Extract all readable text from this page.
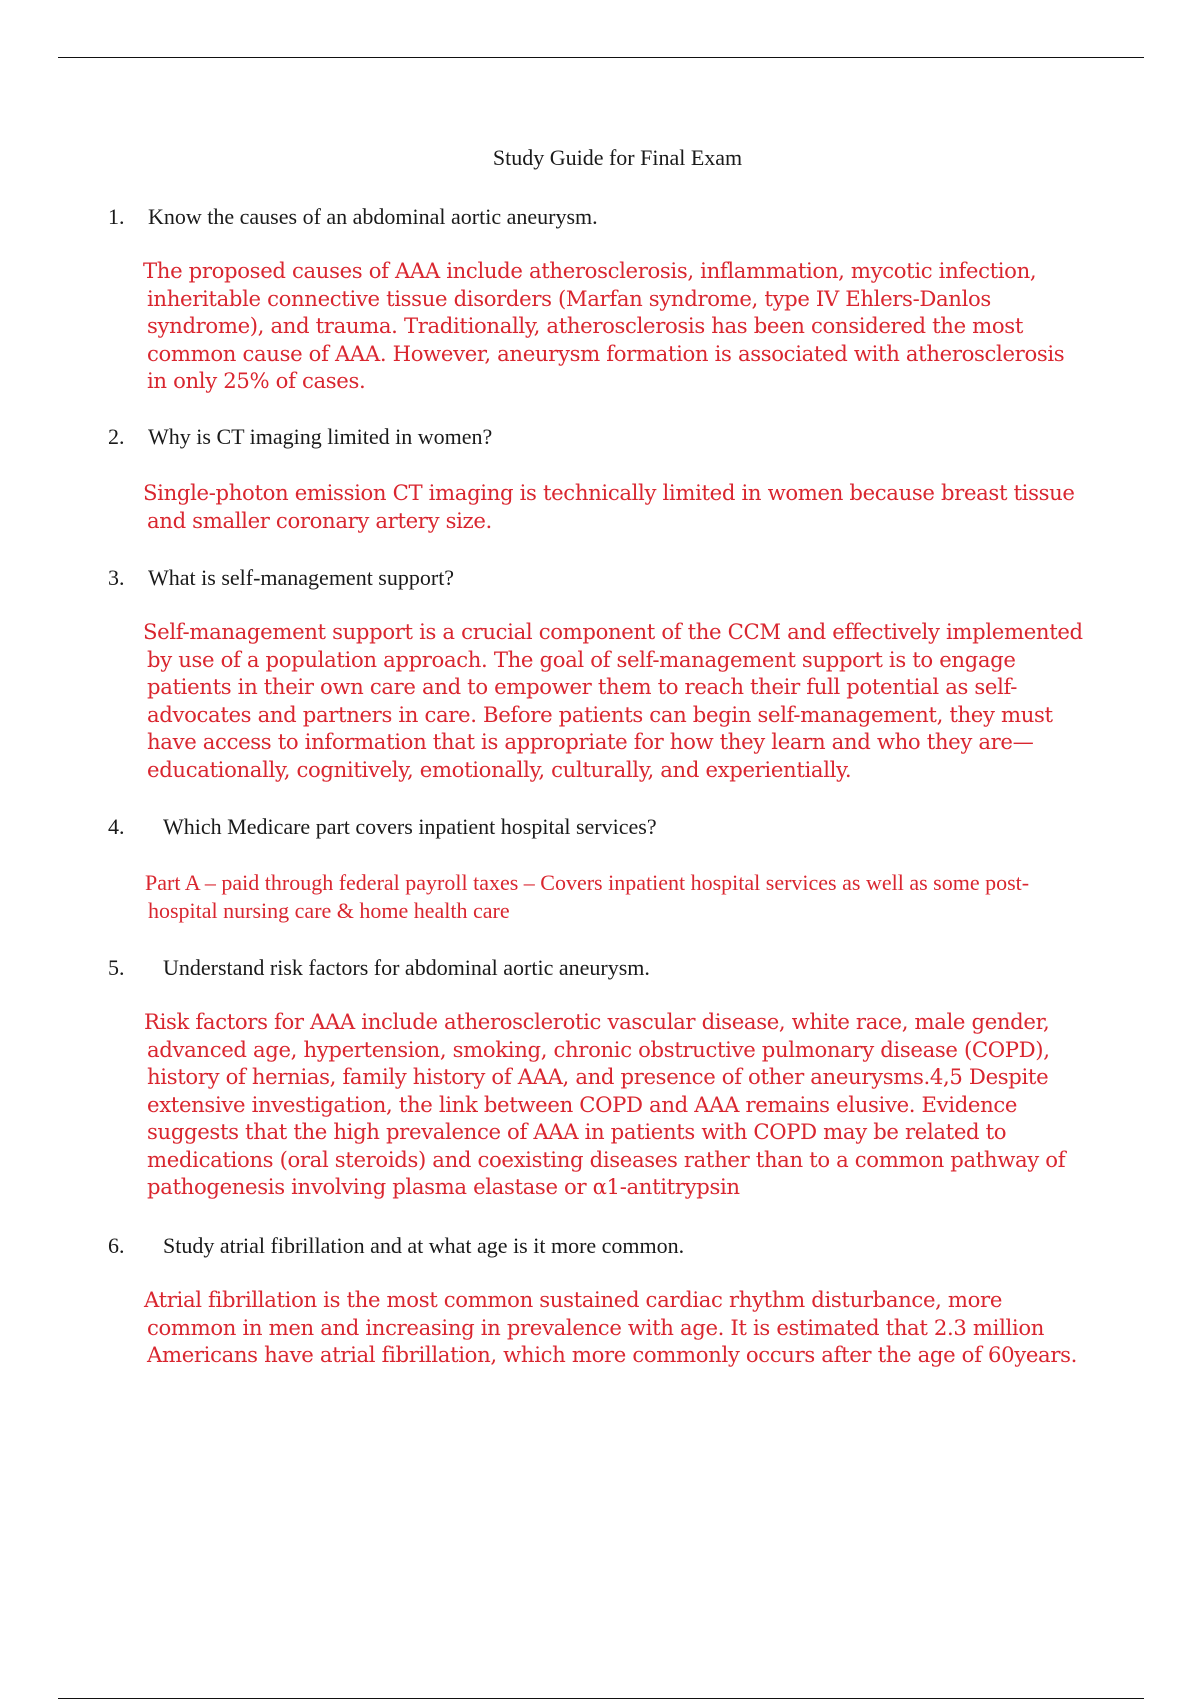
Study Guide for Final Exam
1. Know the causes of an abdominal aortic aneurysm.

The proposed causes of AAA include atherosclerosis, inflammation, mycotic infection, inheritable connective tissue disorders (Marfan syndrome, type IV Ehlers-Danlos syndrome), and trauma. Traditionally, atherosclerosis has been considered the most common cause of AAA. However, aneurysm formation is associated with atherosclerosis in only 25% of cases.

2. Why is CT imaging limited in women?

Single-photon emission CT imaging is technically limited in women because breast tissue and smaller coronary artery size.

3. What is self-management support?

Self-management support is a crucial component of the CCM and effectively implemented by use of a population approach. The goal of self-management support is to engage patients in their own care and to empower them to reach their full potential as self-advocates and partners in care. Before patients can begin self-management, they must have access to information that is appropriate for how they learn and who they are—educationally, cognitively, emotionally, culturally, and experientially.

4. Which Medicare part covers inpatient hospital services?

Part A – paid through federal payroll taxes – Covers inpatient hospital services as well as some post-hospital nursing care & home health care

5. Understand risk factors for abdominal aortic aneurysm.

Risk factors for AAA include atherosclerotic vascular disease, white race, male gender, advanced age, hypertension, smoking, chronic obstructive pulmonary disease (COPD), history of hernias, family history of AAA, and presence of other aneurysms.4,5 Despite extensive investigation, the link between COPD and AAA remains elusive. Evidence suggests that the high prevalence of AAA in patients with COPD may be related to medications (oral steroids) and coexisting diseases rather than to a common pathway of pathogenesis involving plasma elastase or α1-antitrypsin

6. Study atrial fibrillation and at what age is it more common.

Atrial fibrillation is the most common sustained cardiac rhythm disturbance, more common in men and increasing in prevalence with age. It is estimated that 2.3 million Americans have atrial fibrillation, which more commonly occurs after the age of 60years.
